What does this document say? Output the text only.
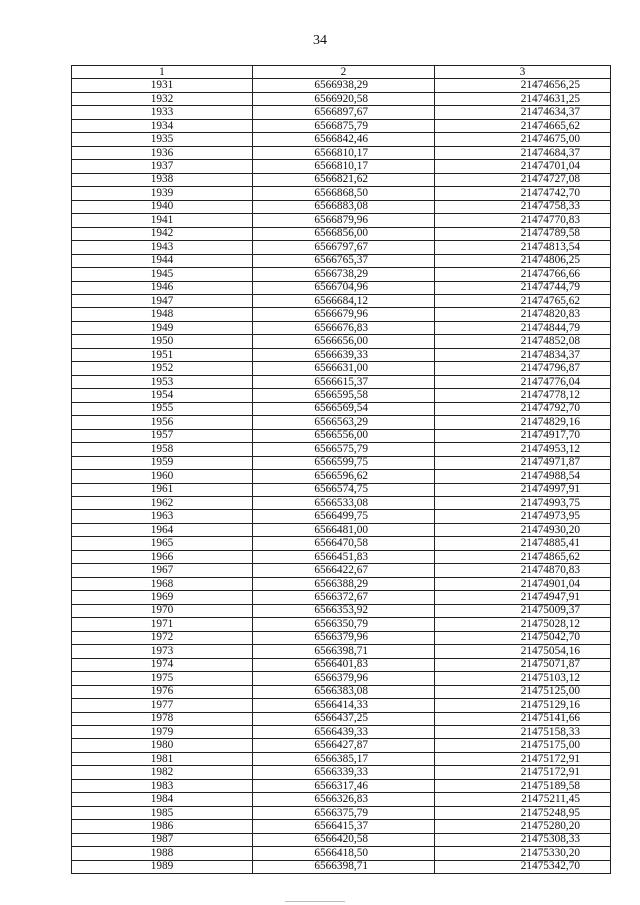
34
1	2	3
1931	6566938,29	21474656,25
1932	6566920,58	21474631,25
1933	6566897,67	21474634,37
1934	6566875,79	21474665,62
1935	6566842,46	21474675,00
1936	6566810,17	21474684,37
1937	6566810,17	21474701,04
1938	6566821,62	21474727,08
1939	6566868,50	21474742,70
1940	6566883,08	21474758,33
1941	6566879,96	21474770,83
1942	6566856,00	21474789,58
1943	6566797,67	21474813,54
1944	6566765,37	21474806,25
1945	6566738,29	21474766,66
1946	6566704,96	21474744,79
1947	6566684,12	21474765,62
1948	6566679,96	21474820,83
1949	6566676,83	21474844,79
1950	6566656,00	21474852,08
1951	6566639,33	21474834,37
1952	6566631,00	21474796,87
1953	6566615,37	21474776,04
1954	6566595,58	21474778,12
1955	6566569,54	21474792,70
1956	6566563,29	21474829,16
1957	6566556,00	21474917,70
1958	6566575,79	21474953,12
1959	6566599,75	21474971,87
1960	6566596,62	21474988,54
1961	6566574,75	21474997,91
1962	6566533,08	21474993,75
1963	6566499,75	21474973,95
1964	6566481,00	21474930,20
1965	6566470,58	21474885,41
1966	6566451,83	21474865,62
1967	6566422,67	21474870,83
1968	6566388,29	21474901,04
1969	6566372,67	21474947,91
1970	6566353,92	21475009,37
1971	6566350,79	21475028,12
1972	6566379,96	21475042,70
1973	6566398,71	21475054,16
1974	6566401,83	21475071,87
1975	6566379,96	21475103,12
1976	6566383,08	21475125,00
1977	6566414,33	21475129,16
1978	6566437,25	21475141,66
1979	6566439,33	21475158,33
1980	6566427,87	21475175,00
1981	6566385,17	21475172,91
1982	6566339,33	21475172,91
1983	6566317,46	21475189,58
1984	6566326,83	21475211,45
1985	6566375,79	21475248,95
1986	6566415,37	21475280,20
1987	6566420,58	21475308,33
1988	6566418,50	21475330,20
1989	6566398,71	21475342,70
